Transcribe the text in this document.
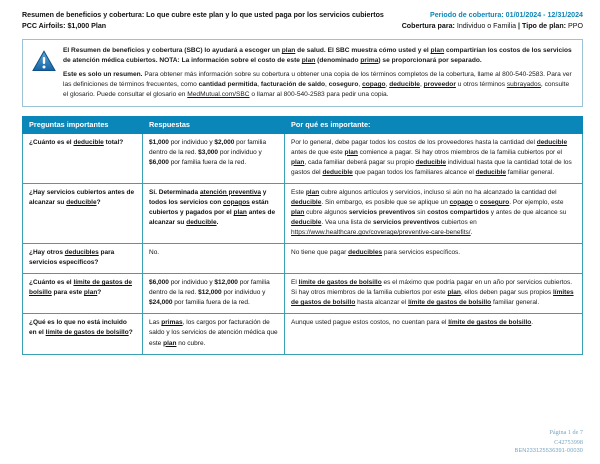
Resumen de beneficios y cobertura: Lo que cubre este plan y lo que usted paga por los servicios cubiertos
PCC Airfoils: $1,000 Plan
Periodo de cobertura: 01/01/2024 - 12/31/2024
Cobertura para: Individuo o Familia | Tipo de plan: PPO

El Resumen de beneficios y cobertura (SBC) lo ayudará a escoger un plan de salud. El SBC muestra cómo usted y el plan compartirían los costos de los servicios de atención médica cubiertos. NOTA: La información sobre el costo de este plan (denominado prima) se proporcionará por separado.

Este es solo un resumen. Para obtener más información sobre su cobertura u obtener una copia de los términos completos de la cobertura, llame al 800-540-2583. Para ver las definiciones de términos frecuentes, como cantidad permitida, facturación de saldo, coseguro, copago, deducible, proveedor u otros términos subrayados, consulte el glosario. Puede consultar el glosario en MedMutual.com/SBC o llamar al 800-540-2583 para pedir una copia.

Preguntas importantes	Respuestas	Por qué es importante:
¿Cuánto es el deducible total?	$1,000 por individuo y $2,000 por familia dentro de la red. $3,000 por individuo y $6,000 por familia fuera de la red.	Por lo general, debe pagar todos los costos de los proveedores hasta la cantidad del deducible antes de que este plan comience a pagar. Si hay otros miembros de la familia cubiertos por el plan, cada familiar deberá pagar su propio deducible individual hasta que la cantidad total de los gastos del deducible que pagan todos los familiares alcance el deducible familiar general.
¿Hay servicios cubiertos antes de alcanzar su deducible?	Sí. Determinada atención preventiva y todos los servicios con copagos están cubiertos y pagados por el plan antes de alcanzar su deducible.	Este plan cubre algunos artículos y servicios, incluso si aún no ha alcanzado la cantidad del deducible. Sin embargo, es posible que se aplique un copago o coseguro. Por ejemplo, este plan cubre algunos servicios preventivos sin costos compartidos y antes de que alcance su deducible. Vea una lista de servicios preventivos cubiertos en https://www.healthcare.gov/coverage/preventive-care-benefits/.
¿Hay otros deducibles para servicios específicos?	No.	No tiene que pagar deducibles para servicios específicos.
¿Cuánto es el límite de gastos de bolsillo para este plan?	$6,000 por individuo y $12,000 por familia dentro de la red. $12,000 por individuo y $24,000 por familia fuera de la red.	El límite de gastos de bolsillo es el máximo que podría pagar en un año por servicios cubiertos. Si hay otros miembros de la familia cubiertos por este plan, ellos deben pagar sus propios límites de gastos de bolsillo hasta alcanzar el límite de gastos de bolsillo familiar general.
¿Qué es lo que no está incluido en el límite de gastos de bolsillo?	Las primas, los cargos por facturación de saldo y los servicios de atención médica que este plan no cubre.	Aunque usted pague estos costos, no cuentan para el límite de gastos de bolsillo.
Página 1 de 7
C42753998
BEN233125536391-00030
